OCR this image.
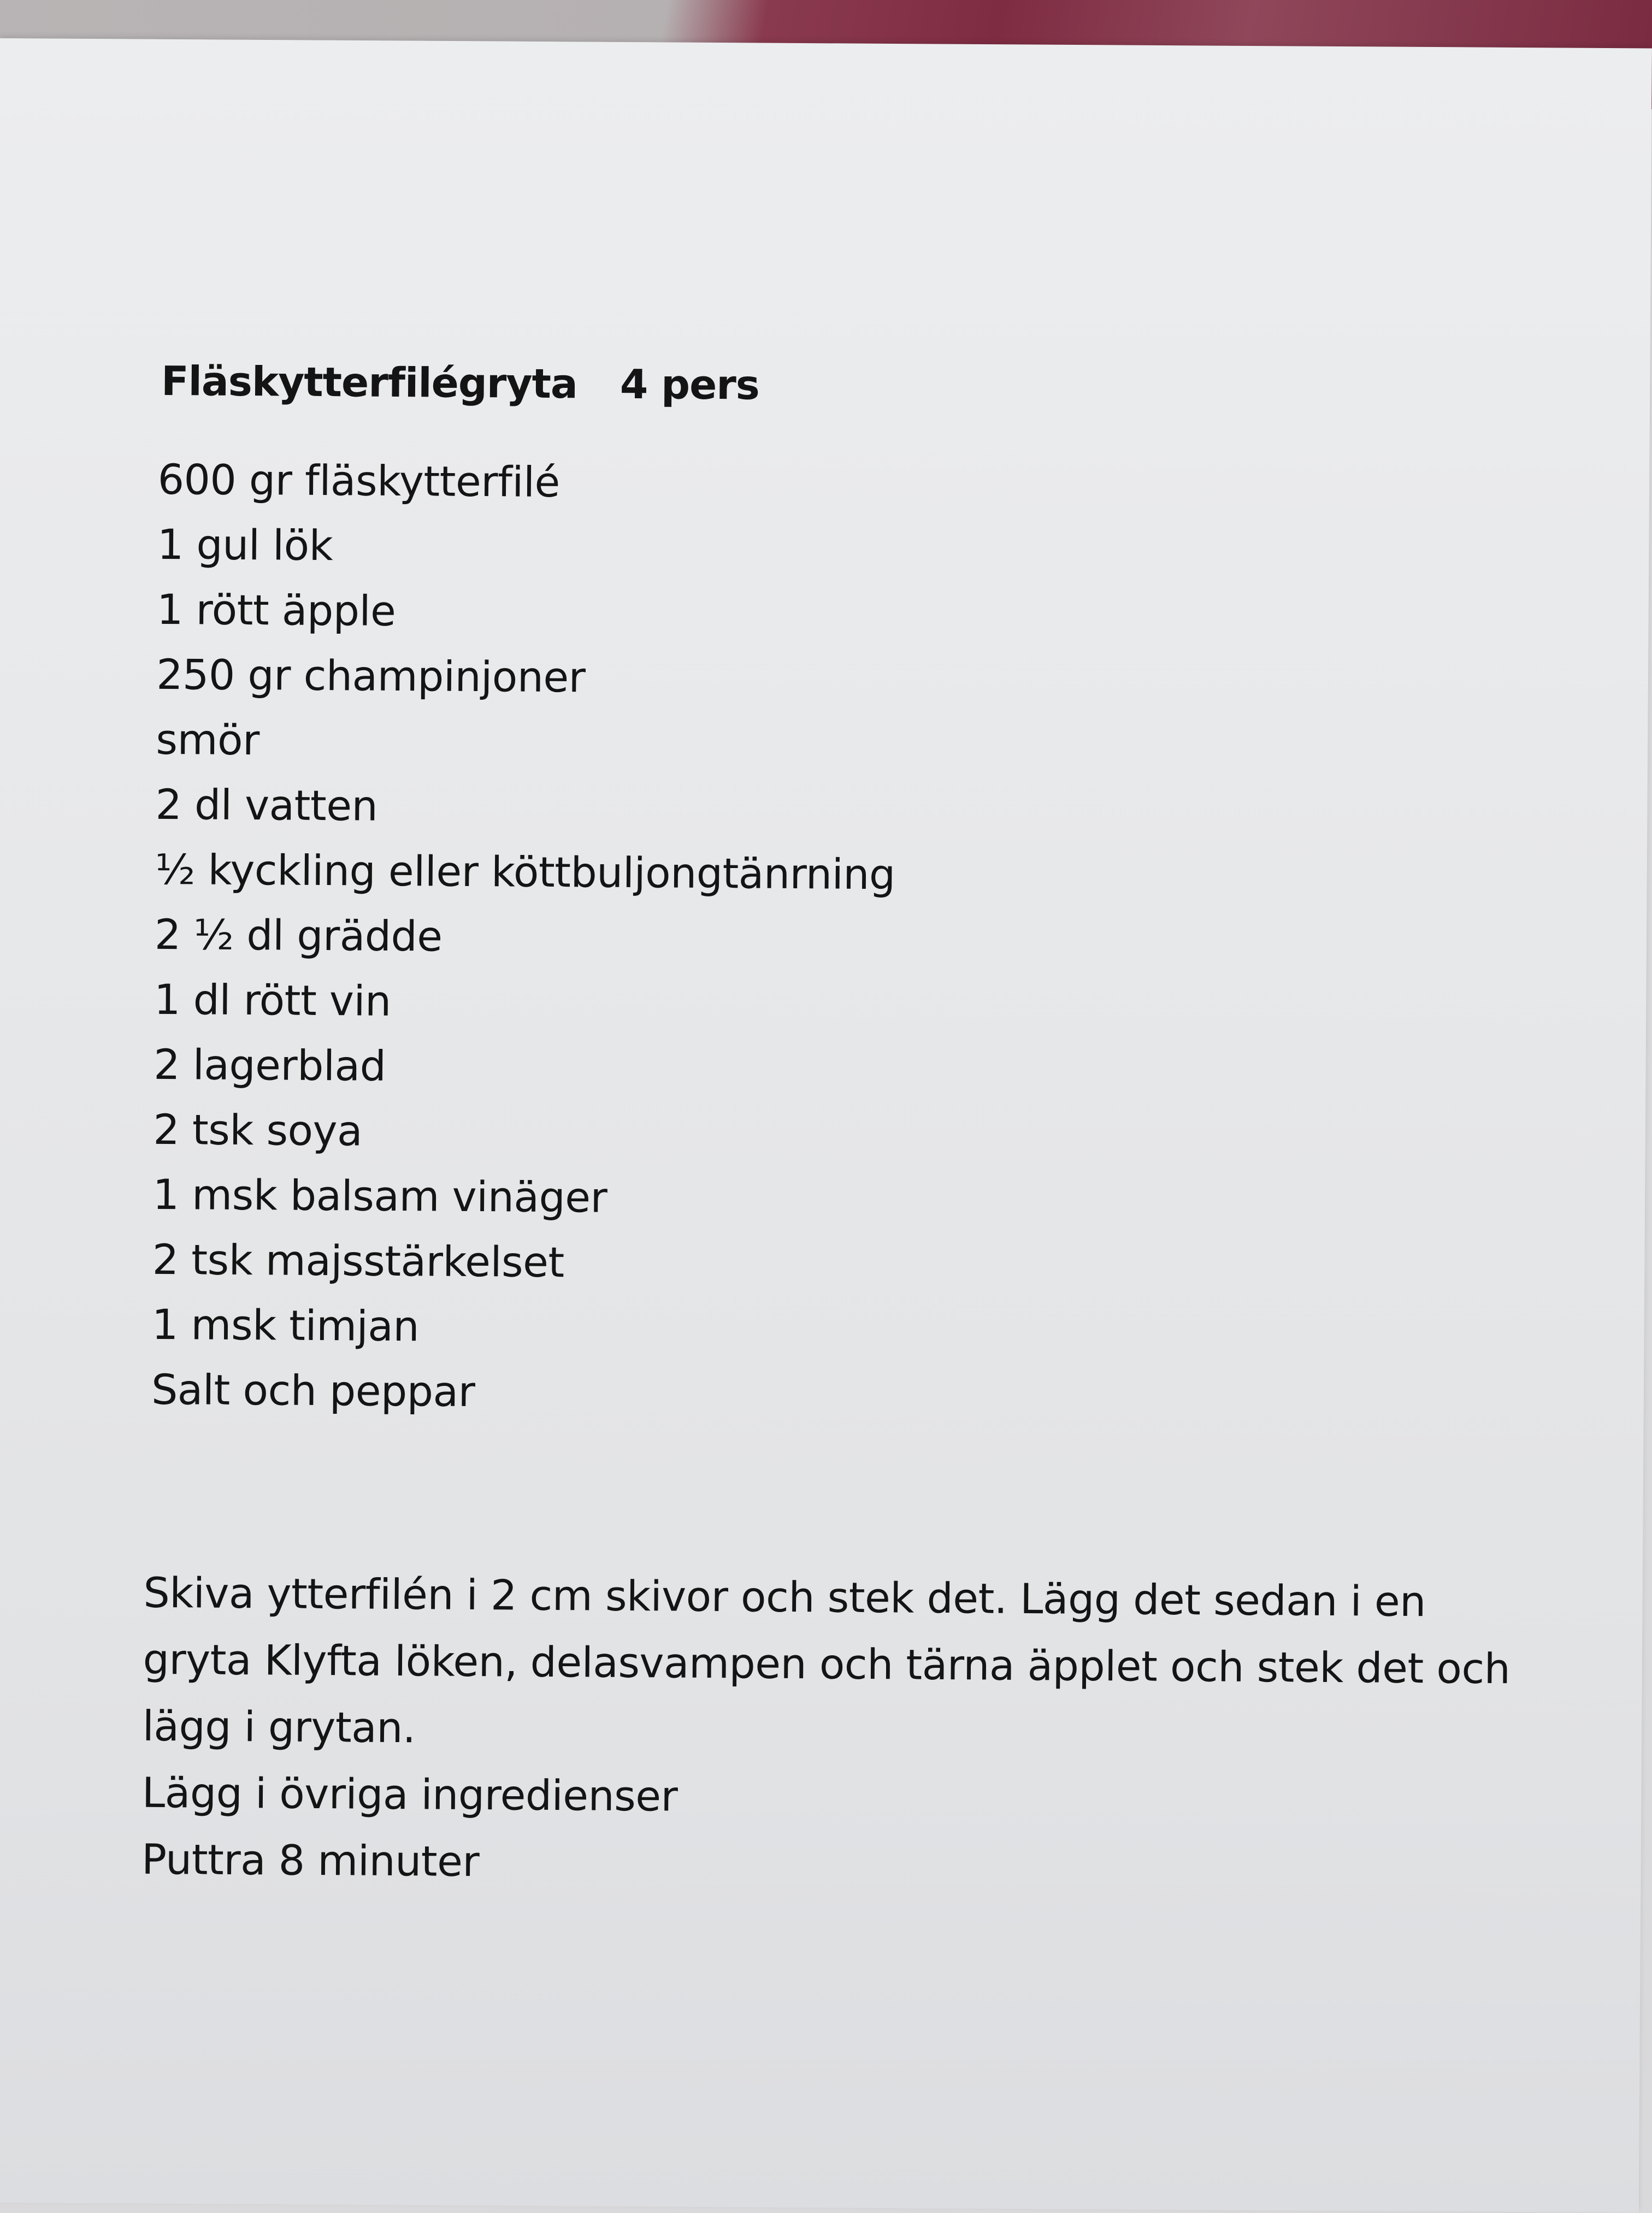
Fläskytterfilégryta 4 pers
600 gr fläskytterfilé
1 gul lök
1 rött äpple
250 gr champinjoner
smör
2 dl vatten
½ kyckling eller köttbuljongtänrning
2 ½ dl grädde
1 dl rött vin
2 lagerblad
2 tsk soya
1 msk balsam vinäger
2 tsk majsstärkelset
1 msk timjan
Salt och peppar

Skiva ytterfilén i 2 cm skivor och stek det. Lägg det sedan i en gryta Klyfta löken, delasvampen och tärna äpplet och stek det och lägg i grytan.

Lägg i övriga ingredienser

Puttra 8 minuter
